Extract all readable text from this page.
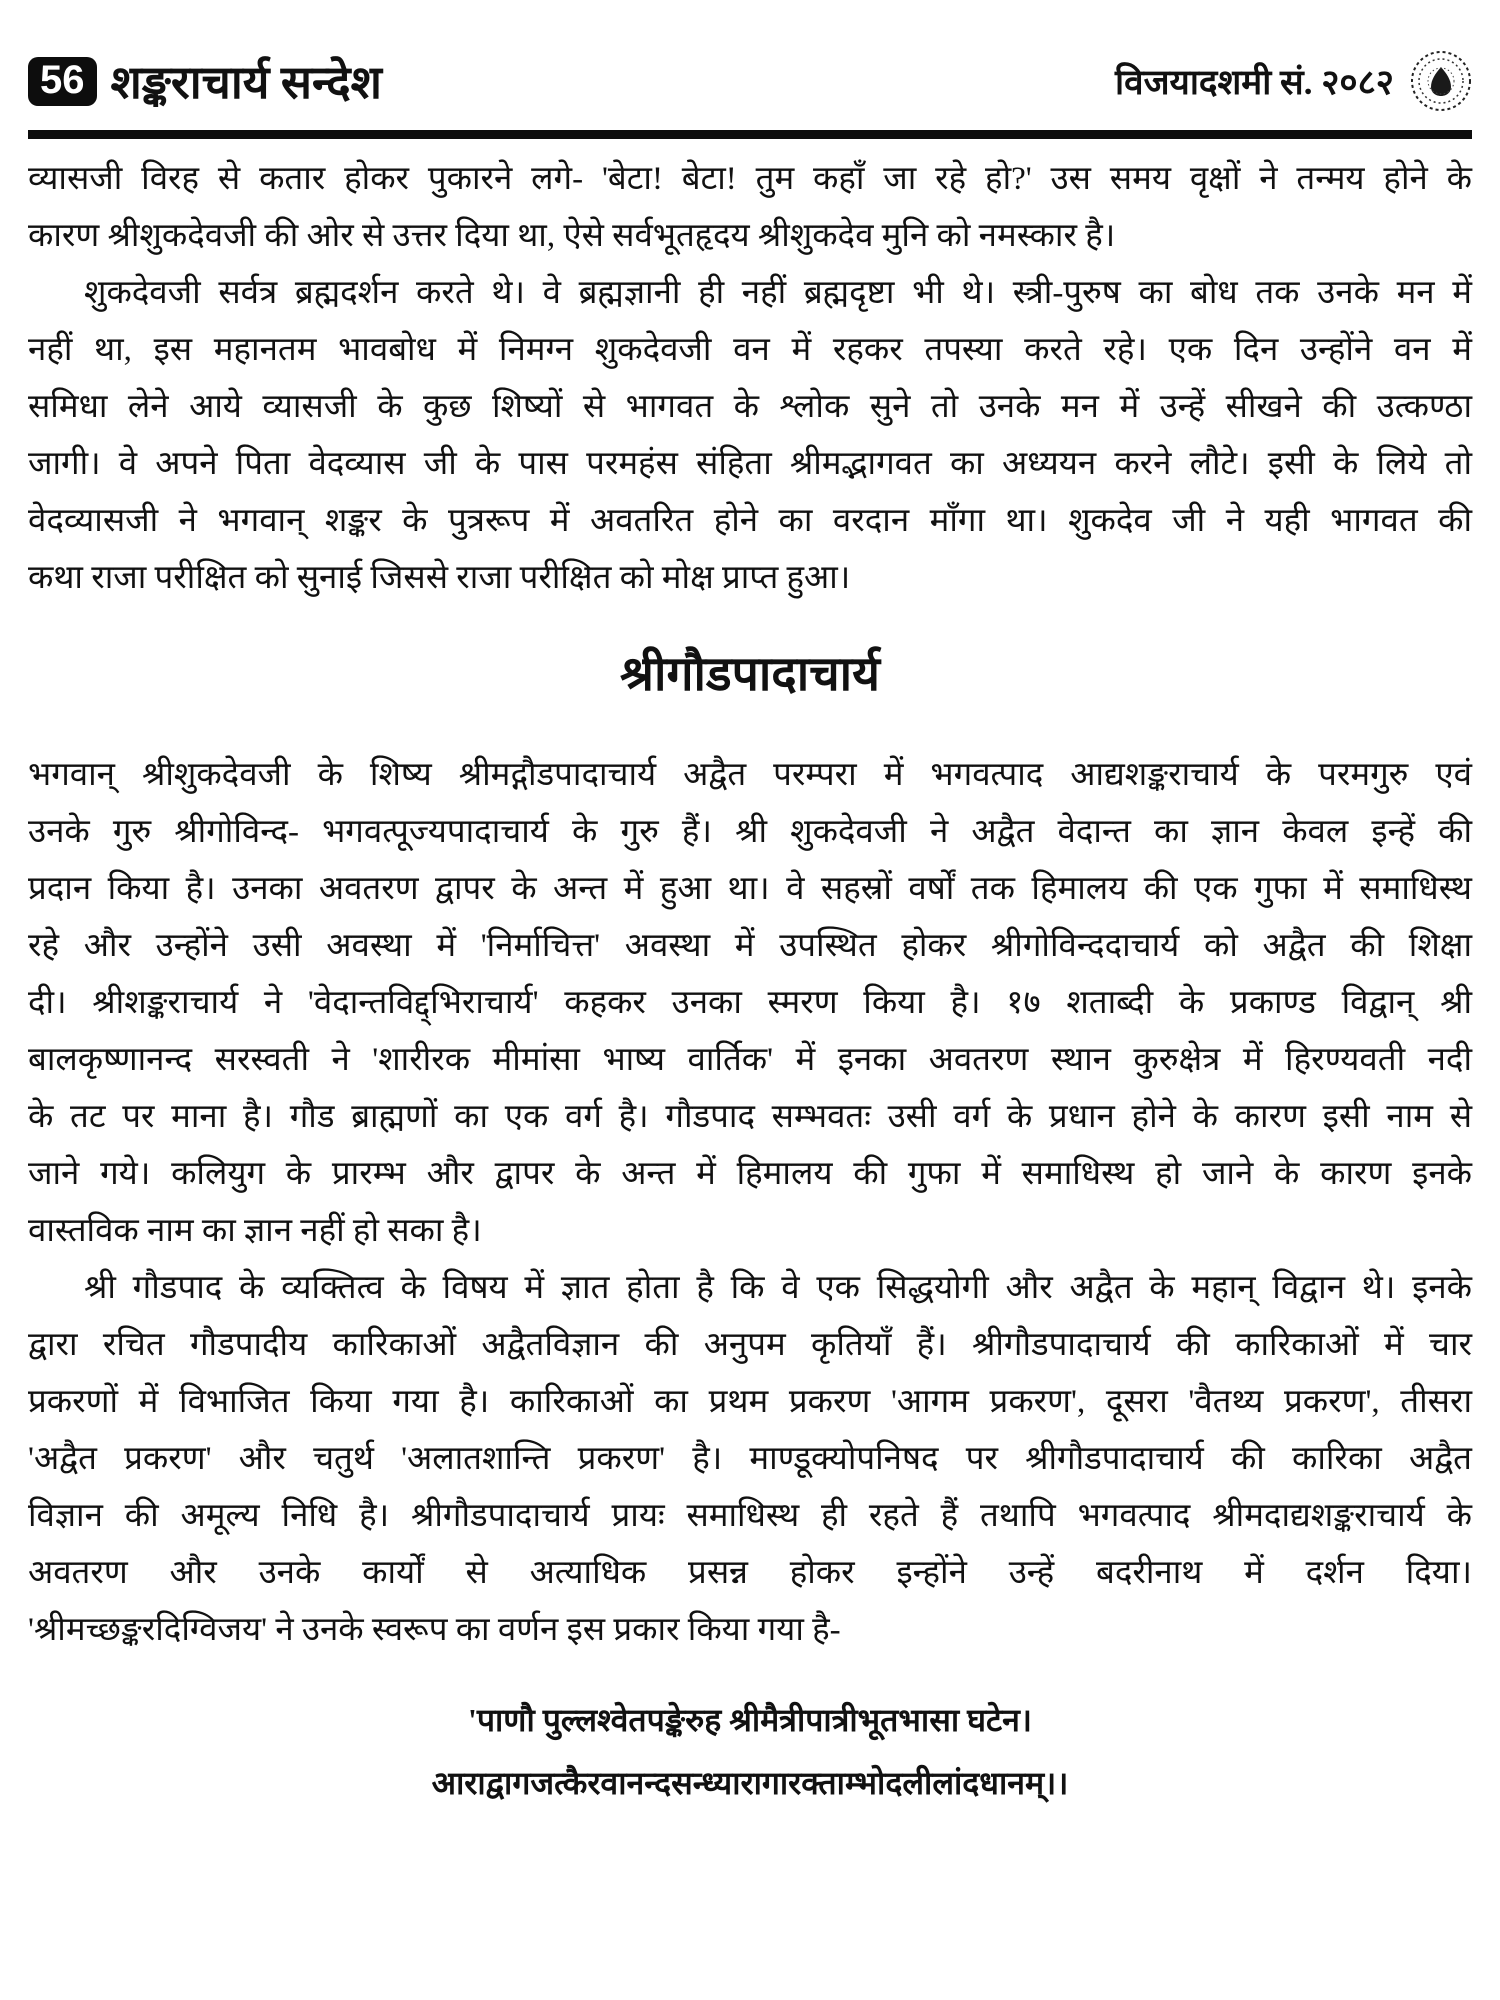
56 शङ्कराचार्य सन्देश	विजयादशमी सं. २०८२
व्यासजी विरह से कतार होकर पुकारने लगे- 'बेटा! बेटा! तुम कहाँ जा रहे हो?' उस समय वृक्षों ने तन्मय होने के
कारण श्रीशुकदेवजी की ओर से उत्तर दिया था, ऐसे सर्वभूतहृदय श्रीशुकदेव मुनि को नमस्कार है।
शुकदेवजी सर्वत्र ब्रह्मदर्शन करते थे। वे ब्रह्मज्ञानी ही नहीं ब्रह्मदृष्टा भी थे। स्त्री-पुरुष का बोध तक उनके मन में
नहीं था, इस महानतम भावबोध में निमग्न शुकदेवजी वन में रहकर तपस्या करते रहे। एक दिन उन्होंने वन में
समिधा लेने आये व्यासजी के कुछ शिष्यों से भागवत के श्लोक सुने तो उनके मन में उन्हें सीखने की उत्कण्ठा
जागी। वे अपने पिता वेदव्यास जी के पास परमहंस संहिता श्रीमद्भागवत का अध्ययन करने लौटे। इसी के लिये तो
वेदव्यासजी ने भगवान् शङ्कर के पुत्ररूप में अवतरित होने का वरदान माँगा था। शुकदेव जी ने यही भागवत की
कथा राजा परीक्षित को सुनाई जिससे राजा परीक्षित को मोक्ष प्राप्त हुआ।
श्रीगौडपादाचार्य
भगवान् श्रीशुकदेवजी के शिष्य श्रीमद्गौडपादाचार्य अद्वैत परम्परा में भगवत्पाद आद्यशङ्कराचार्य के परमगुरु एवं
उनके गुरु श्रीगोविन्द- भगवत्पूज्यपादाचार्य के गुरु हैं। श्री शुकदेवजी ने अद्वैत वेदान्त का ज्ञान केवल इन्हें की
प्रदान किया है। उनका अवतरण द्वापर के अन्त में हुआ था। वे सहस्रों वर्षों तक हिमालय की एक गुफा में समाधिस्थ
रहे और उन्होंने उसी अवस्था में 'निर्माचित्त' अवस्था में उपस्थित होकर श्रीगोविन्ददाचार्य को अद्वैत की शिक्षा
दी। श्रीशङ्कराचार्य ने 'वेदान्तविद्द्भिराचार्य' कहकर उनका स्मरण किया है। १७ शताब्दी के प्रकाण्ड विद्वान् श्री
बालकृष्णानन्द सरस्वती ने 'शारीरक मीमांसा भाष्य वार्तिक' में इनका अवतरण स्थान कुरुक्षेत्र में हिरण्यवती नदी
के तट पर माना है। गौड ब्राह्मणों का एक वर्ग है। गौडपाद सम्भवतः उसी वर्ग के प्रधान होने के कारण इसी नाम से
जाने गये। कलियुग के प्रारम्भ और द्वापर के अन्त में हिमालय की गुफा में समाधिस्थ हो जाने के कारण इनके
वास्तविक नाम का ज्ञान नहीं हो सका है।
श्री गौडपाद के व्यक्तित्व के विषय में ज्ञात होता है कि वे एक सिद्धयोगी और अद्वैत के महान् विद्वान थे। इनके
द्वारा रचित गौडपादीय कारिकाओं अद्वैतविज्ञान की अनुपम कृतियाँ हैं। श्रीगौडपादाचार्य की कारिकाओं में चार
प्रकरणों में विभाजित किया गया है। कारिकाओं का प्रथम प्रकरण 'आगम प्रकरण', दूसरा 'वैतथ्य प्रकरण', तीसरा
'अद्वैत प्रकरण' और चतुर्थ 'अलातशान्ति प्रकरण' है। माण्डूक्योपनिषद पर श्रीगौडपादाचार्य की कारिका अद्वैत
विज्ञान की अमूल्य निधि है। श्रीगौडपादाचार्य प्रायः समाधिस्थ ही रहते हैं तथापि भगवत्पाद श्रीमदाद्यशङ्कराचार्य के
अवतरण और उनके कार्यों से अत्याधिक प्रसन्न होकर इन्होंने उन्हें बदरीनाथ में दर्शन दिया।
'श्रीमच्छङ्करदिग्विजय' ने उनके स्वरूप का वर्णन इस प्रकार किया गया है-
'पाणौ पुल्लश्वेतपङ्केरुह श्रीमैत्रीपात्रीभूतभासा घटेन।
आराद्वागजत्कैरवानन्दसन्ध्यारागारक्ताम्भोदलीलांदधानम्।।
